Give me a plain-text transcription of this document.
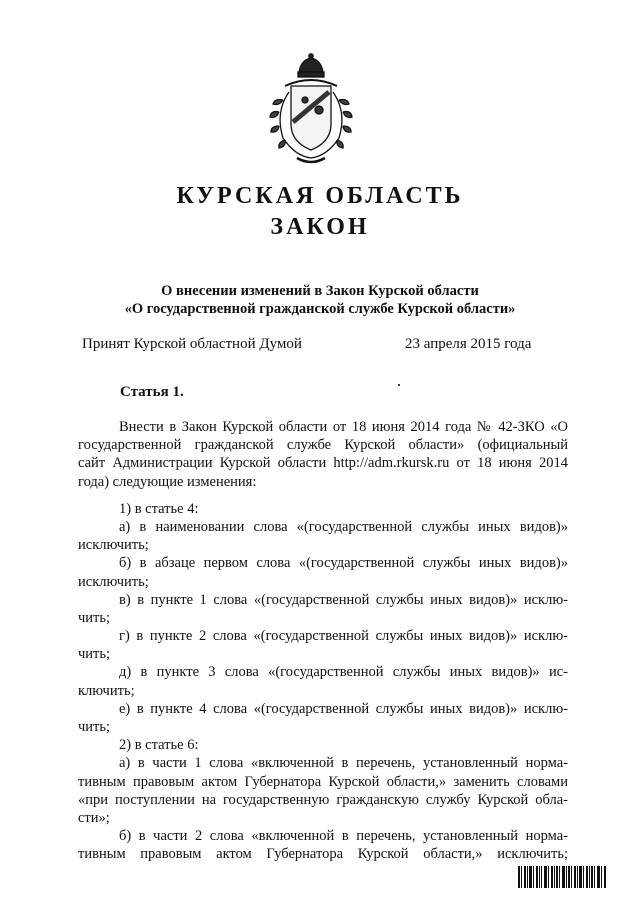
КУРСКАЯ ОБЛАСТЬ
ЗАКОН
О внесении изменений в Закон Курской области
«О государственной гражданской службе Курской области»
Принят Курской областной Думой	23 апреля 2015 года
Статья 1.
Внести в Закон Курской области от 18 июня 2014 года № 42-ЗКО «О
государственной гражданской службе Курской области» (официальный
сайт Администрации Курской области http://adm.rkursk.ru от 18 июня 2014
года) следующие изменения:
1) в статье 4:
а) в наименовании слова «(государственной службы иных видов)»
исключить;
б) в абзаце первом слова «(государственной службы иных видов)»
исключить;
в) в пункте 1 слова «(государственной службы иных видов)» исклю-
чить;
г) в пункте 2 слова «(государственной службы иных видов)» исклю-
чить;
д) в пункте 3 слова «(государственной службы иных видов)» ис-
ключить;
е) в пункте 4 слова «(государственной службы иных видов)» исклю-
чить;
2) в статье 6:
а) в части 1 слова «включенной в перечень, установленный норма-
тивным правовым актом Губернатора Курской области,» заменить словами
«при поступлении на государственную гражданскую службу Курской обла-
сти»;
б) в части 2 слова «включенной в перечень, установленный норма-
тивным правовым актом Губернатора Курской области,» исключить;
